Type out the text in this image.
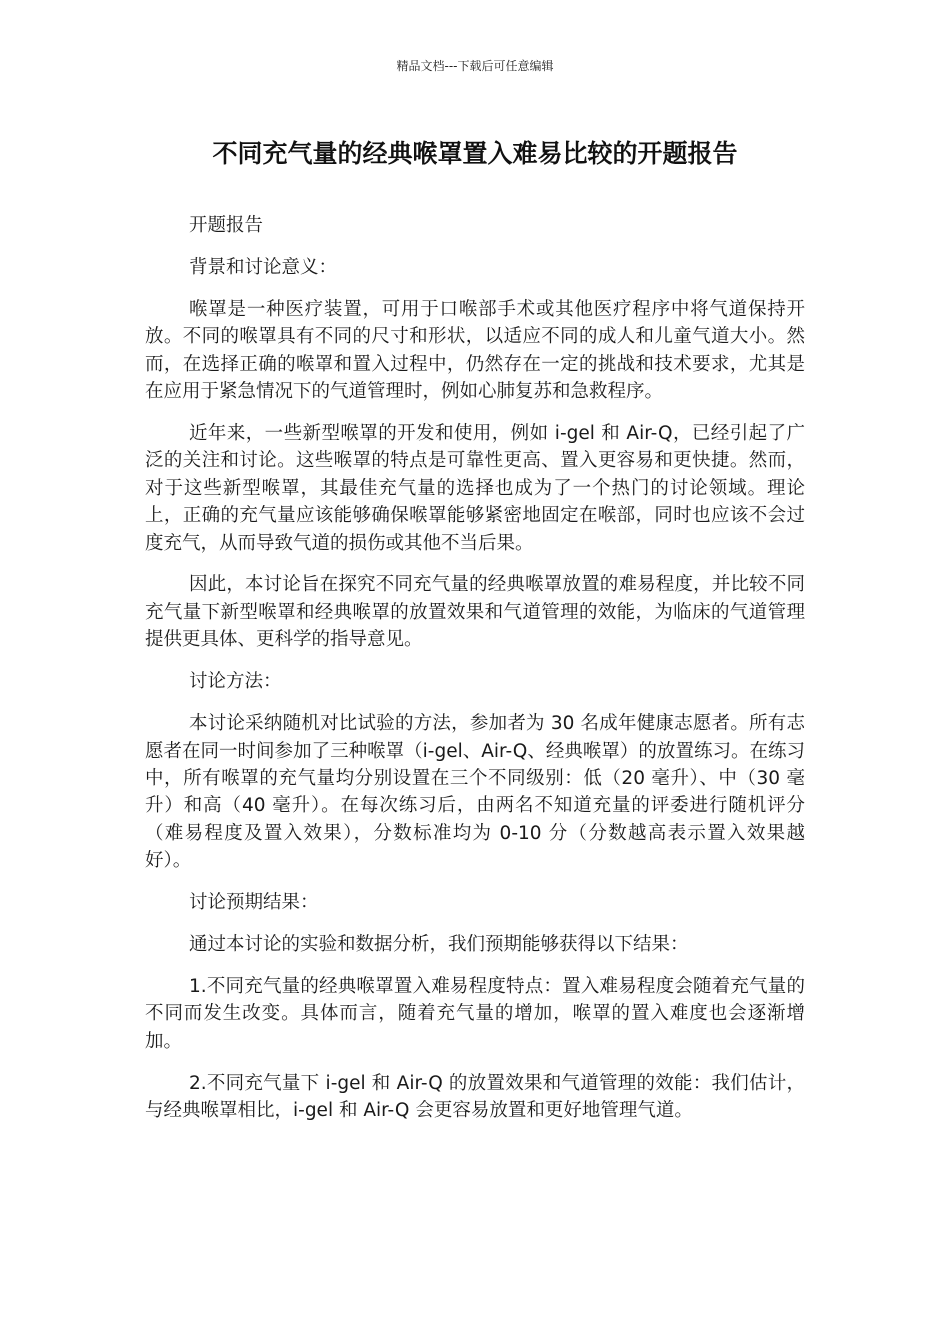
精品文档---下载后可任意编辑
不同充气量的经典喉罩置入难易比较的开题报告

开题报告

背景和讨论意义：

喉罩是一种医疗装置，可用于口喉部手术或其他医疗程序中将气道保持开放。不同的喉罩具有不同的尺寸和形状，以适应不同的成人和儿童气道大小。然而，在选择正确的喉罩和置入过程中，仍然存在一定的挑战和技术要求，尤其是在应用于紧急情况下的气道管理时，例如心肺复苏和急救程序。

近年来，一些新型喉罩的开发和使用，例如 i-gel 和 Air-Q，已经引起了广泛的关注和讨论。这些喉罩的特点是可靠性更高、置入更容易和更快捷。然而，对于这些新型喉罩，其最佳充气量的选择也成为了一个热门的讨论领域。理论上，正确的充气量应该能够确保喉罩能够紧密地固定在喉部，同时也应该不会过度充气，从而导致气道的损伤或其他不当后果。

因此，本讨论旨在探究不同充气量的经典喉罩放置的难易程度，并比较不同充气量下新型喉罩和经典喉罩的放置效果和气道管理的效能，为临床的气道管理提供更具体、更科学的指导意见。

讨论方法：

本讨论采纳随机对比试验的方法，参加者为 30 名成年健康志愿者。所有志愿者在同一时间参加了三种喉罩（i-gel、Air-Q、经典喉罩）的放置练习。在练习中，所有喉罩的充气量均分别设置在三个不同级别：低（20 毫升）、中（30 毫升）和高（40 毫升）。在每次练习后，由两名不知道充量的评委进行随机评分（难易程度及置入效果），分数标准均为 0-10 分（分数越高表示置入效果越好）。

讨论预期结果：

通过本讨论的实验和数据分析，我们预期能够获得以下结果：

1.不同充气量的经典喉罩置入难易程度特点：置入难易程度会随着充气量的不同而发生改变。具体而言，随着充气量的增加，喉罩的置入难度也会逐渐增加。

2.不同充气量下 i-gel 和 Air-Q 的放置效果和气道管理的效能：我们估计，与经典喉罩相比，i-gel 和 Air-Q 会更容易放置和更好地管理气道。
